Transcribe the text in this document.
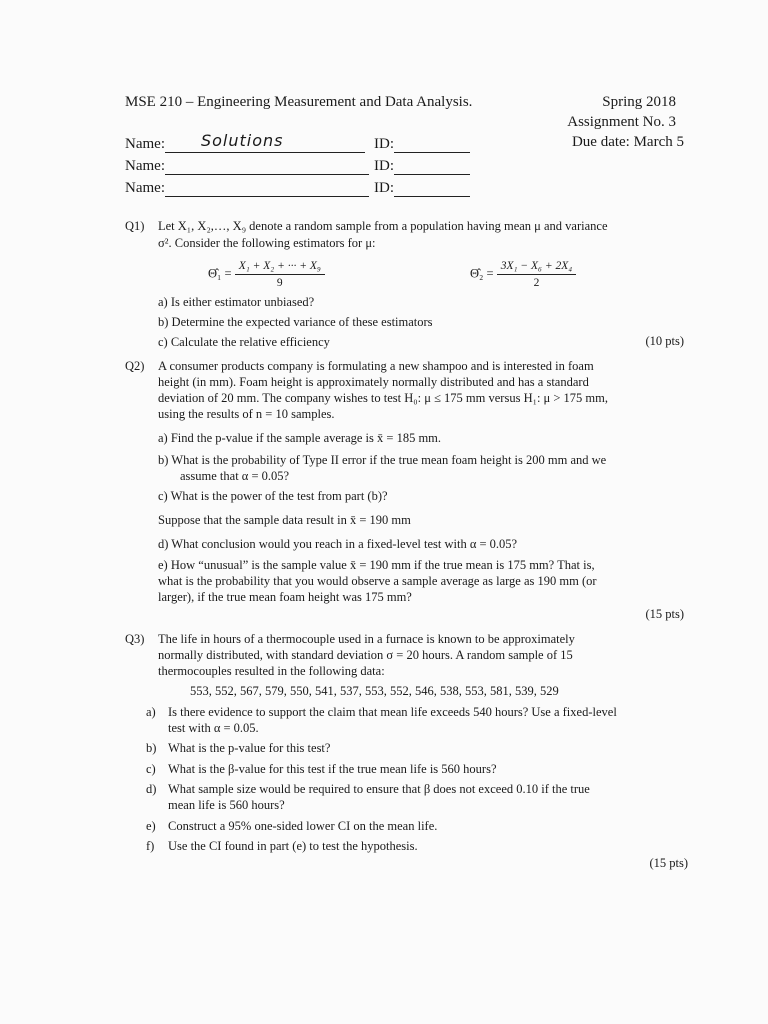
MSE 210 – Engineering Measurement and Data Analysis.	Spring 2018
Assignment No. 3
Due date: March 5
Name: Solutions	ID:
Name:	ID:
Name:	ID:
Q1) Let X₁, X₂,…, X₉ denote a random sample from a population having mean μ and variance
σ². Consider the following estimators for μ:
Θ̂₁ = $\frac{\text{X₁ + X₂ + ··· + X₉}}{9}$	Θ̂₂ = $\frac{\text{3X₁ − X₆ + 2X₄}}{2}$
a) Is either estimator unbiased?
b) Determine the expected variance of these estimators
c) Calculate the relative efficiency	(10 pts)
Q2) A consumer products company is formulating a new shampoo and is interested in foam
height (in mm). Foam height is approximately normally distributed and has a standard
deviation of 20 mm. The company wishes to test H₀: μ ≤ 175 mm versus H₁: μ > 175 mm,
using the results of n = 10 samples.
a) Find the p-value if the sample average is x̄ = 185 mm.
b) What is the probability of Type II error if the true mean foam height is 200 mm and we
assume that α = 0.05?
c) What is the power of the test from part (b)?
Suppose that the sample data result in x̄ = 190 mm
d) What conclusion would you reach in a fixed-level test with α = 0.05?
e) How “unusual” is the sample value x̄ = 190 mm if the true mean is 175 mm? That is,
what is the probability that you would observe a sample average as large as 190 mm (or
larger), if the true mean foam height was 175 mm?
(15 pts)
Q3) The life in hours of a thermocouple used in a furnace is known to be approximately
normally distributed, with standard deviation σ = 20 hours. A random sample of 15
thermocouples resulted in the following data:
553, 552, 567, 579, 550, 541, 537, 553, 552, 546, 538, 553, 581, 539, 529
a) Is there evidence to support the claim that mean life exceeds 540 hours? Use a fixed-level
test with α = 0.05.
b) What is the p-value for this test?
c) What is the β-value for this test if the true mean life is 560 hours?
d) What sample size would be required to ensure that β does not exceed 0.10 if the true
mean life is 560 hours?
e) Construct a 95% one-sided lower CI on the mean life.
f) Use the CI found in part (e) to test the hypothesis.
(15 pts)
